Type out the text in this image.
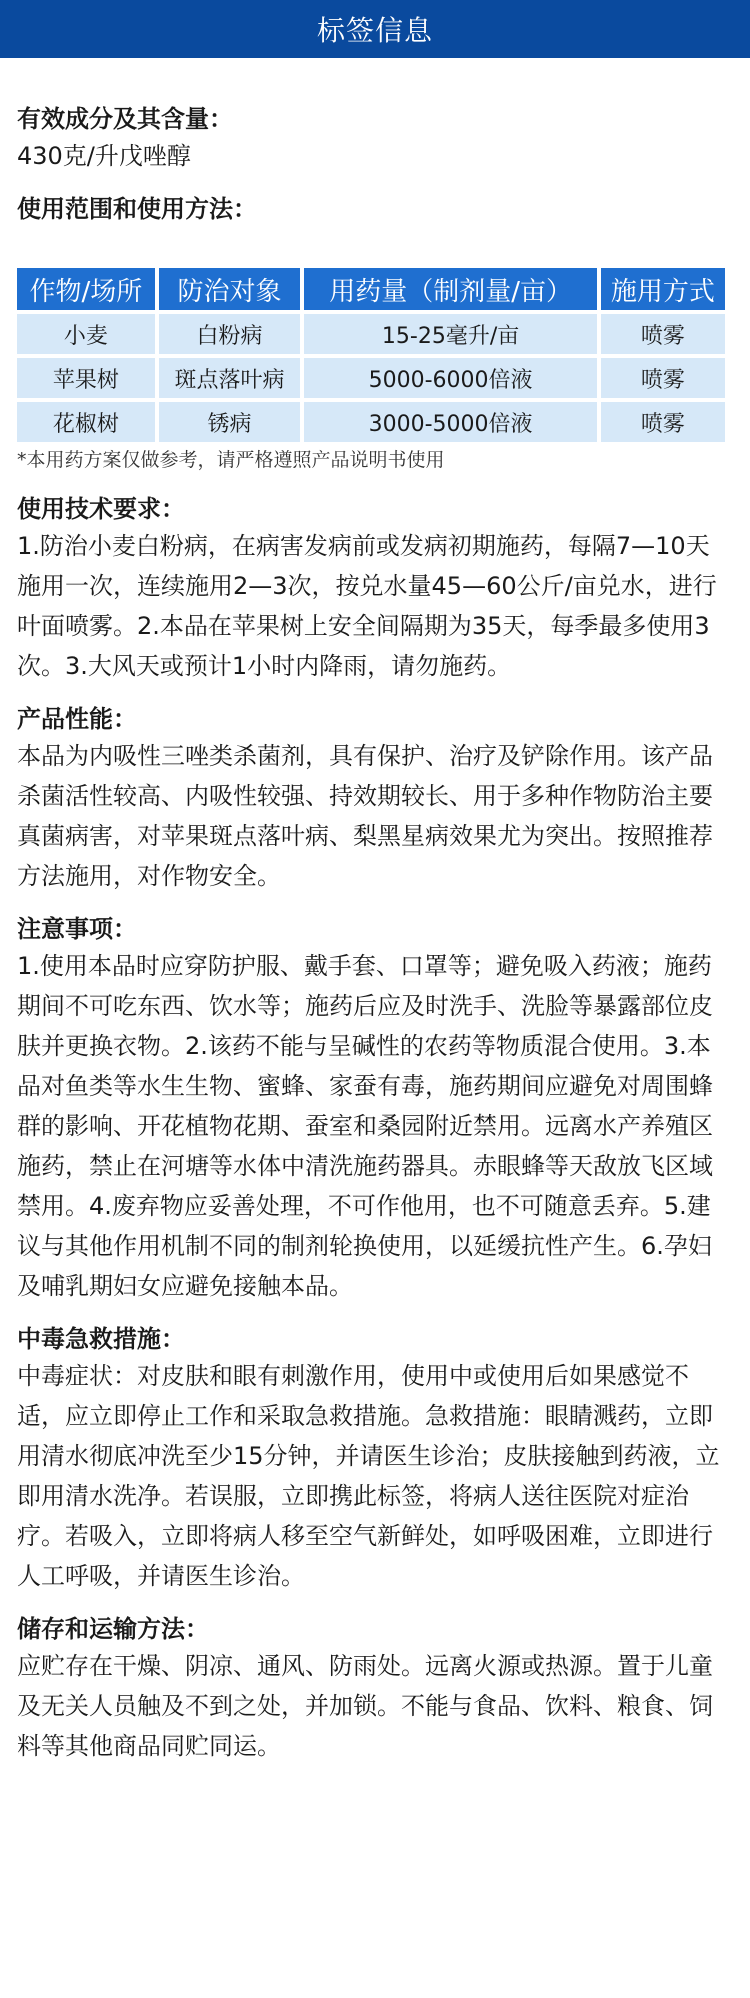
标签信息

有效成分及其含量：

430克/升戊唑醇

使用范围和使用方法：

作物/场所	防治对象	用药量（制剂量/亩）	施用方式
小麦	白粉病	15-25毫升/亩	喷雾
苹果树	斑点落叶病	5000-6000倍液	喷雾
花椒树	锈病	3000-5000倍液	喷雾

*本用药方案仅做参考，请严格遵照产品说明书使用

使用技术要求：

1.防治小麦白粉病，在病害发病前或发病初期施药，每隔7—10天施用一次，连续施用2—3次，按兑水量45—60公斤/亩兑水，进行叶面喷雾。2.本品在苹果树上安全间隔期为35天，每季最多使用3次。3.大风天或预计1小时内降雨，请勿施药。

产品性能：

本品为内吸性三唑类杀菌剂，具有保护、治疗及铲除作用。该产品杀菌活性较高、内吸性较强、持效期较长、用于多种作物防治主要真菌病害，对苹果斑点落叶病、梨黑星病效果尤为突出。按照推荐方法施用，对作物安全。

注意事项：

1.使用本品时应穿防护服、戴手套、口罩等；避免吸入药液；施药期间不可吃东西、饮水等；施药后应及时洗手、洗脸等暴露部位皮肤并更换衣物。2.该药不能与呈碱性的农药等物质混合使用。3.本品对鱼类等水生生物、蜜蜂、家蚕有毒，施药期间应避免对周围蜂群的影响、开花植物花期、蚕室和桑园附近禁用。远离水产养殖区施药，禁止在河塘等水体中清洗施药器具。赤眼蜂等天敌放飞区域禁用。4.废弃物应妥善处理，不可作他用，也不可随意丢弃。5.建议与其他作用机制不同的制剂轮换使用，以延缓抗性产生。6.孕妇及哺乳期妇女应避免接触本品。

中毒急救措施：

中毒症状：对皮肤和眼有刺激作用，使用中或使用后如果感觉不适，应立即停止工作和采取急救措施。急救措施：眼睛溅药，立即用清水彻底冲洗至少15分钟，并请医生诊治；皮肤接触到药液，立即用清水洗净。若误服，立即携此标签，将病人送往医院对症治疗。若吸入，立即将病人移至空气新鲜处，如呼吸困难，立即进行人工呼吸，并请医生诊治。

储存和运输方法：

应贮存在干燥、阴凉、通风、防雨处。远离火源或热源。置于儿童及无关人员触及不到之处，并加锁。不能与食品、饮料、粮食、饲料等其他商品同贮同运。
